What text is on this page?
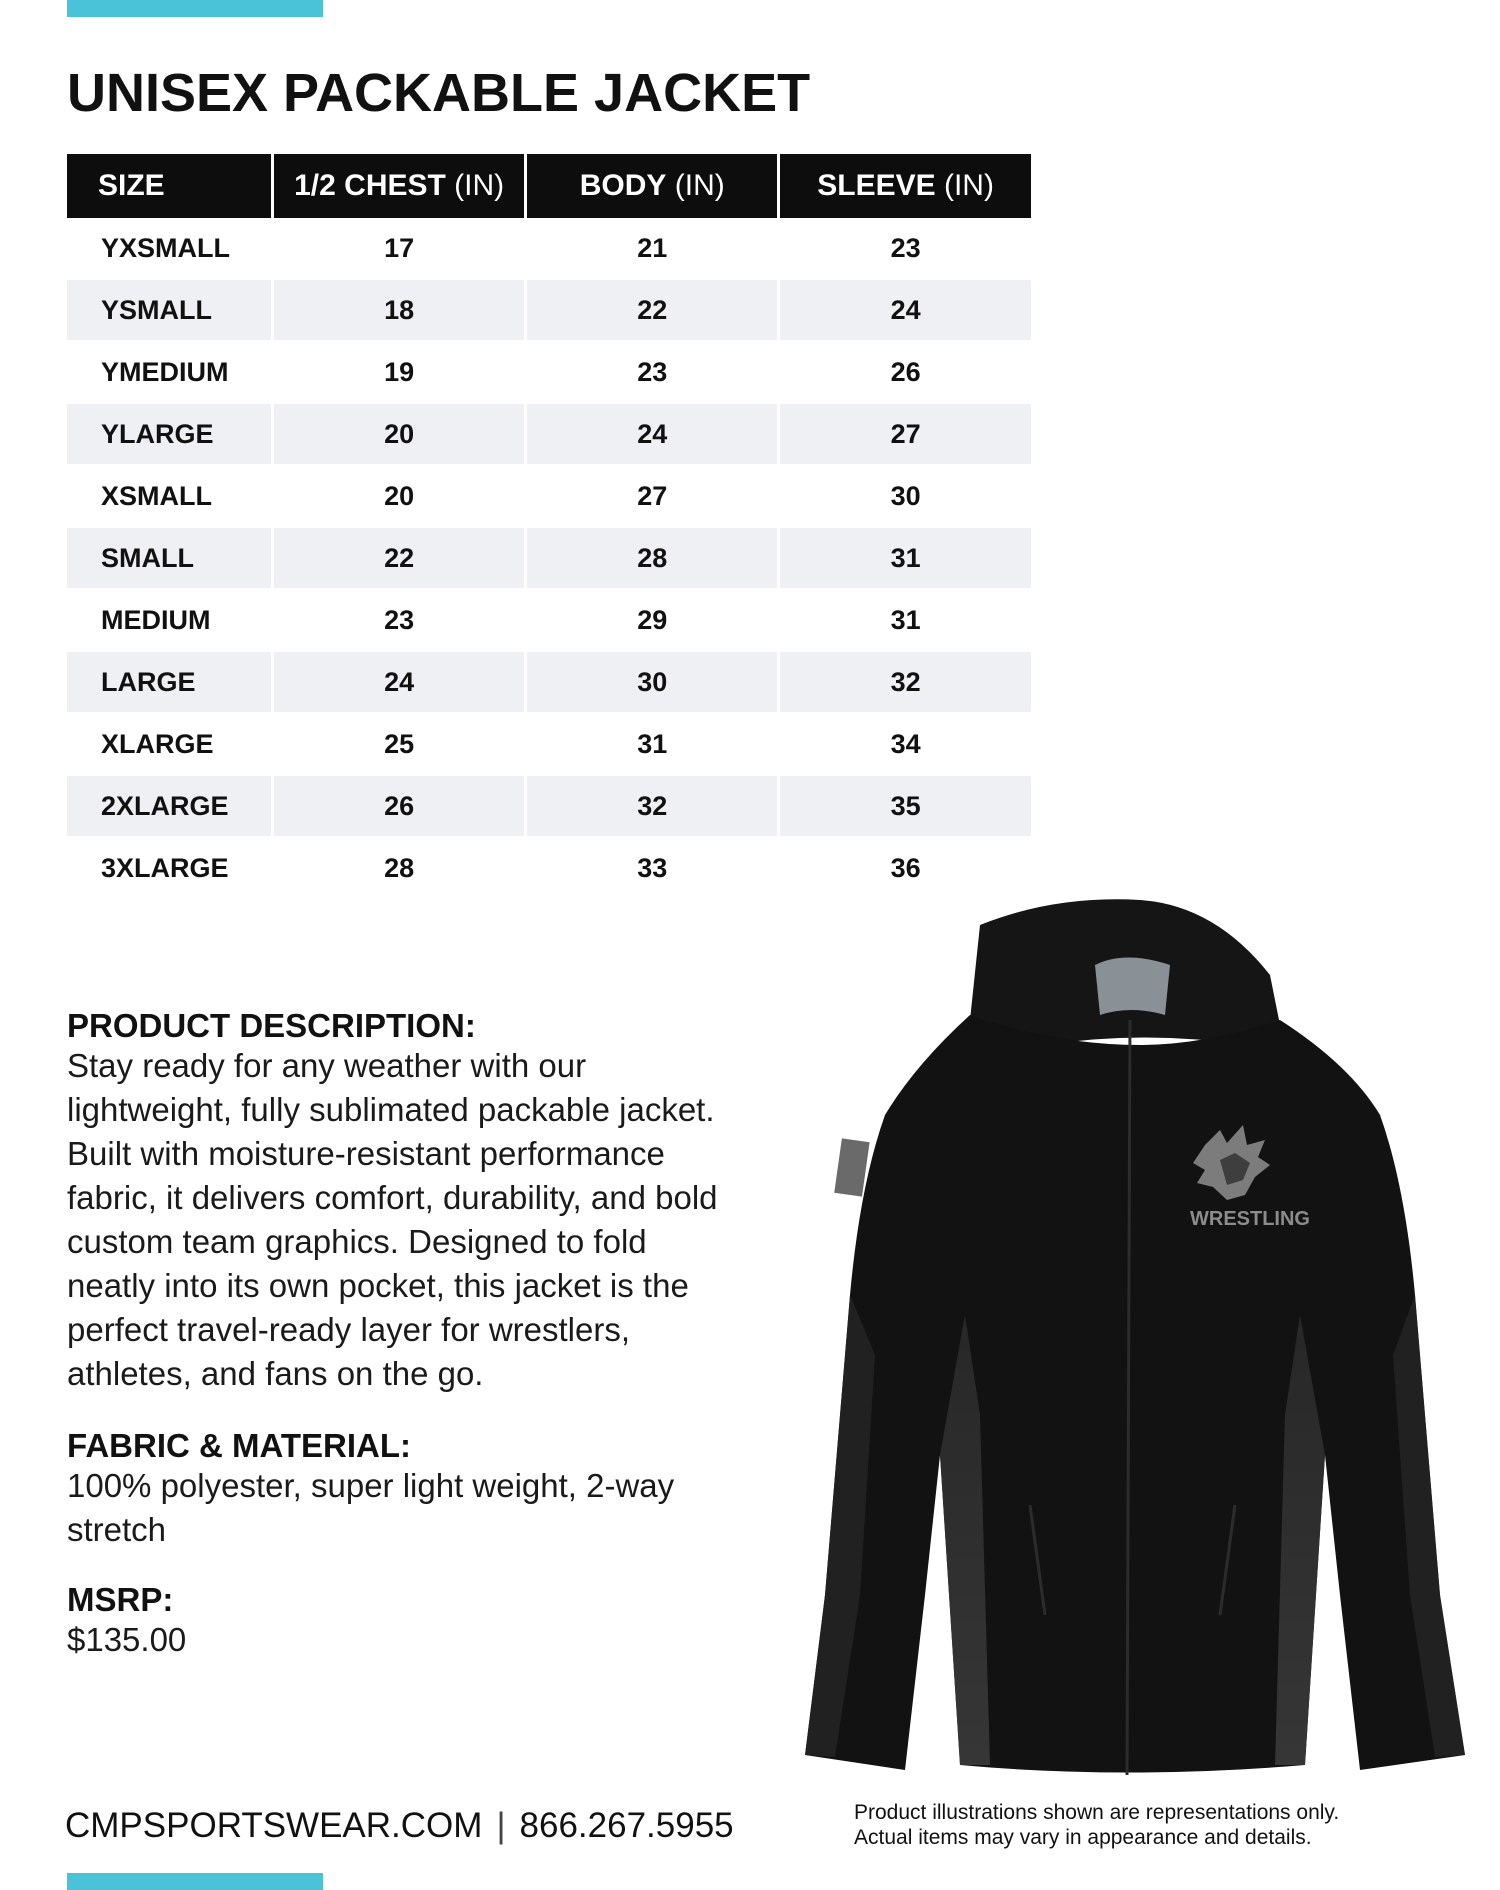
UNISEX PACKABLE JACKET
SIZE	1/2 CHEST (IN)	BODY (IN)	SLEEVE (IN)
YXSMALL	17	21	23
YSMALL	18	22	24
YMEDIUM	19	23	26
YLARGE	20	24	27
XSMALL	20	27	30
SMALL	22	28	31
MEDIUM	23	29	31
LARGE	24	30	32
XLARGE	25	31	34
2XLARGE	26	32	35
3XLARGE	28	33	36
PRODUCT DESCRIPTION:

Stay ready for any weather with our
lightweight, fully sublimated packable jacket.
Built with moisture-resistant performance
fabric, it delivers comfort, durability, and bold
custom team graphics. Designed to fold
neatly into its own pocket, this jacket is the
perfect travel-ready layer for wrestlers,
athletes, and fans on the go.

FABRIC & MATERIAL:

100% polyester, super light weight, 2-way
stretch

MSRP:

$135.00

WRESTLING
CMPSPORTSWEAR.COM | 866.267.5955	Product illustrations shown are representations only.
Actual items may vary in appearance and details.
